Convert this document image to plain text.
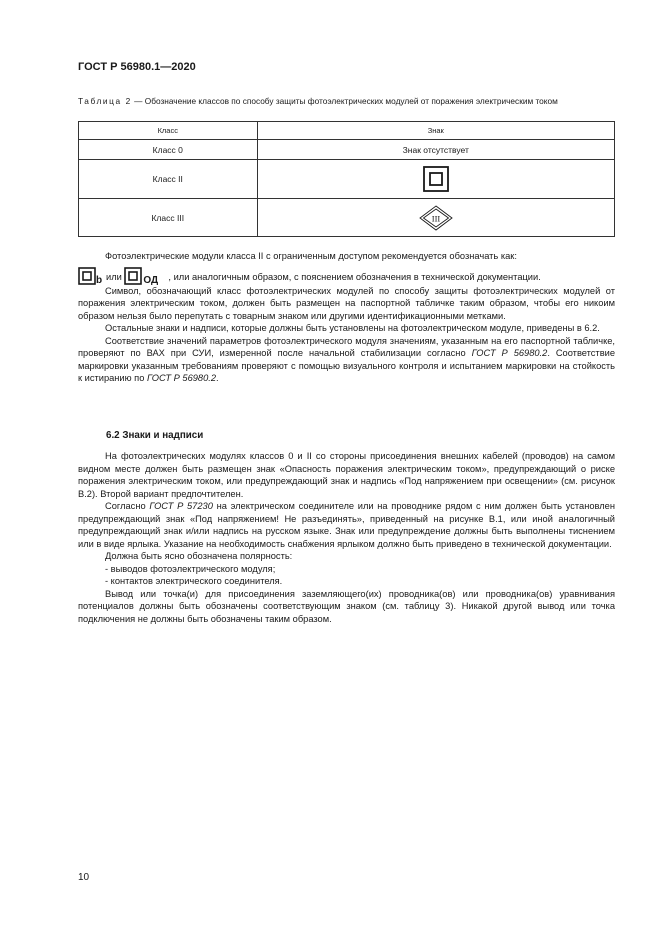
ГОСТ Р 56980.1—2020
Таблица 2 — Обозначение классов по способу защиты фотоэлектрических модулей от поражения электрическим током
Класс	Знак
Класс 0	Знак отсутствует
Класс II	

Класс III	III

Фотоэлектрические модули класса II с ограниченным доступом рекомендуется обозначать как:

b или ОД , или аналогичным образом, с пояснением обозначения в технической документации.

Символ, обозначающий класс фотоэлектрических модулей по способу защиты фотоэлектрических модулей от поражения электрическим током, должен быть размещен на паспортной табличке таким образом, чтобы его никоим образом нельзя было перепутать с товарным знаком или другими идентификационными метками.

Остальные знаки и надписи, которые должны быть установлены на фотоэлектрическом модуле, приведены в 6.2.

Соответствие значений параметров фотоэлектрического модуля значениям, указанным на его паспортной табличке, проверяют по ВАХ при СУИ, измеренной после начальной стабилизации согласно ГОСТ Р 56980.2. Соответствие маркировки указанным требованиям проверяют с помощью визуального контроля и испытанием маркировки на стойкость к истиранию по ГОСТ Р 56980.2.

6.2 Знаки и надписи

На фотоэлектрических модулях классов 0 и II со стороны присоединения внешних кабелей (проводов) на самом видном месте должен быть размещен знак «Опасность поражения электрическим током», предупреждающий о риске поражения электрическим током, или предупреждающий знак и надпись «Под напряжением при освещении» (см. рисунок В.2). Второй вариант предпочтителен.

Согласно ГОСТ Р 57230 на электрическом соединителе или на проводнике рядом с ним должен быть установлен предупреждающий знак «Под напряжением! Не разъединять», приведенный на рисунке В.1, или иной аналогичный предупреждающий знак и/или надпись на русском языке. Знак или предупреждение должны быть выполнены тиснением или в виде ярлыка. Указание на необходимость снабжения ярлыком должно быть приведено в технической документации.

Должна быть ясно обозначена полярность:

- выводов фотоэлектрического модуля;

- контактов электрического соединителя.

Вывод или точка(и) для присоединения заземляющего(их) проводника(ов) или проводника(ов) уравнивания потенциалов должны быть обозначены соответствующим знаком (см. таблицу 3). Никакой другой вывод или точка подключения не должны быть обозначены таким образом.

10
